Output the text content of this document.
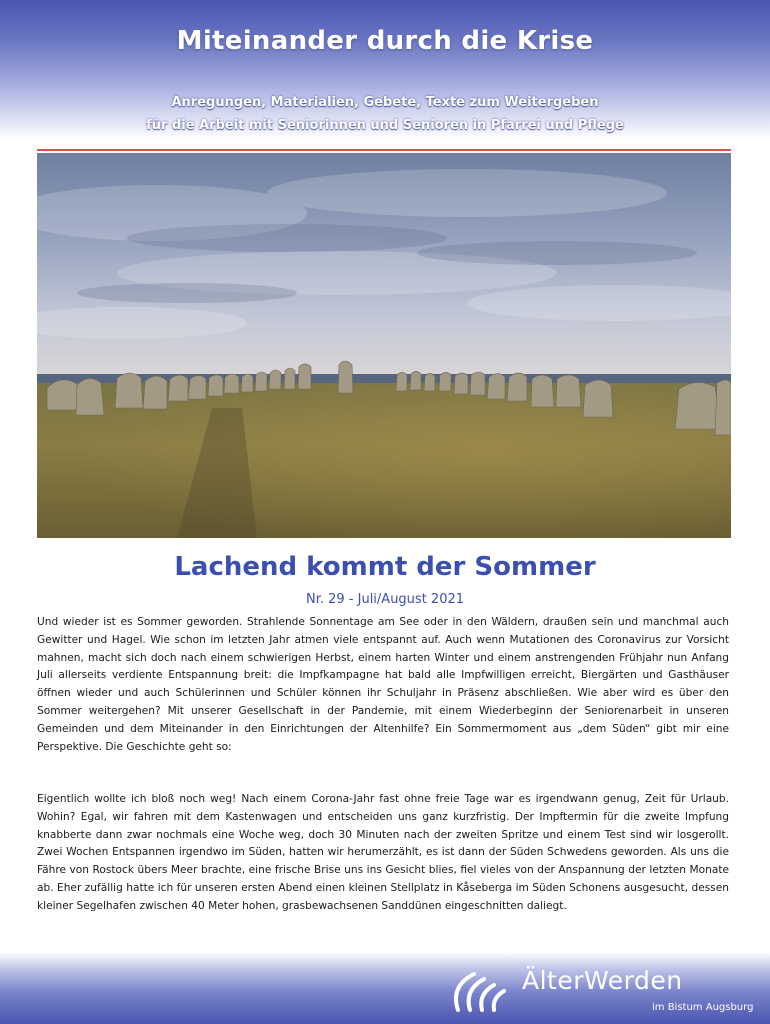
Miteinander durch die Krise
Anregungen, Materialien, Gebete, Texte zum Weitergeben
für die Arbeit mit Seniorinnen und Senioren in Pfarrei und Pflege
Lachend kommt der Sommer
Nr. 29 - Juli/August 2021

Und wieder ist es Sommer geworden. Strahlende Sonnentage am See oder in den Wäldern, draußen sein und manchmal auch Gewitter und Hagel. Wie schon im letzten Jahr atmen viele entspannt auf. Auch wenn Mutationen des Coronavirus zur Vorsicht mahnen, macht sich doch nach einem schwierigen Herbst, einem harten Winter und einem anstrengenden Frühjahr nun Anfang Juli allerseits verdiente Entspannung breit: die Impfkampagne hat bald alle Impfwilligen erreicht, Biergärten und Gasthäuser öffnen wieder und auch Schülerinnen und Schüler können ihr Schuljahr in Präsenz abschließen. Wie aber wird es über den Sommer weitergehen? Mit unserer Gesellschaft in der Pandemie, mit einem Wiederbeginn der Seniorenarbeit in unseren Gemeinden und dem Miteinander in den Einrichtungen der Altenhilfe? Ein Sommermoment aus „dem Süden“ gibt mir eine Perspektive. Die Geschichte geht so:

Eigentlich wollte ich bloß noch weg! Nach einem Corona-Jahr fast ohne freie Tage war es irgendwann genug, Zeit für Urlaub. Wohin? Egal, wir fahren mit dem Kastenwagen und entscheiden uns ganz kurzfristig. Der Impftermin für die zweite Impfung knabberte dann zwar nochmals eine Woche weg, doch 30 Minuten nach der zweiten Spritze und einem Test sind wir losgerollt. Zwei Wochen Entspannen irgendwo im Süden, hatten wir herumerzählt, es ist dann der Süden Schwedens geworden. Als uns die Fähre von Rostock übers Meer brachte, eine frische Brise uns ins Gesicht blies, fiel vieles von der Anspannung der letzten Monate ab. Eher zufällig hatte ich für unseren ersten Abend einen kleinen Stellplatz in Kåseberga im Süden Schonens ausgesucht, dessen kleiner Segelhafen zwischen 40 Meter hohen, grasbewachsenen Sanddünen eingeschnitten daliegt.

ÄlterWerden
im Bistum Augsburg
